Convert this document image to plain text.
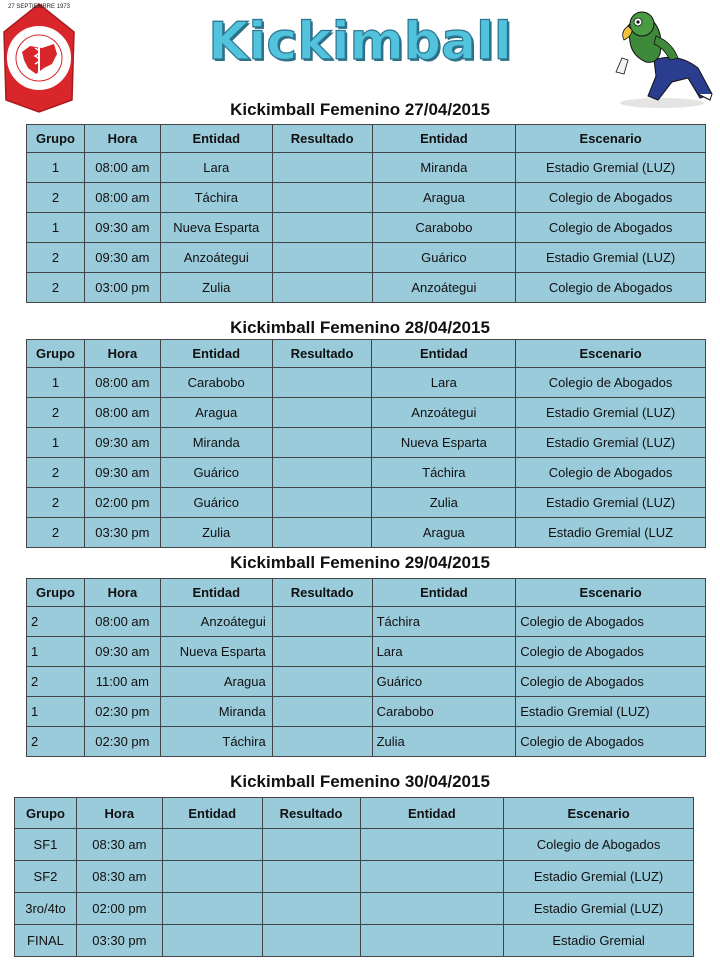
27 SEPTIEMBRE 1973
Kickimball
Kickimball Femenino 27/04/2015
Grupo	Hora	Entidad	Resultado	Entidad	Escenario
1	08:00 am	Lara		Miranda	Estadio Gremial (LUZ)
2	08:00 am	Táchira		Aragua	Colegio de Abogados
1	09:30 am	Nueva Esparta		Carabobo	Colegio de Abogados
2	09:30 am	Anzoátegui		Guárico	Estadio Gremial (LUZ)
2	03:00 pm	Zulia		Anzoátegui	Colegio de Abogados
Kickimball Femenino 28/04/2015
Grupo	Hora	Entidad	Resultado	Entidad	Escenario
1	08:00 am	Carabobo		Lara	Colegio de Abogados
2	08:00 am	Aragua		Anzoátegui	Estadio Gremial (LUZ)
1	09:30 am	Miranda		Nueva Esparta	Estadio Gremial (LUZ)
2	09:30 am	Guárico		Táchira	Colegio de Abogados
2	02:00 pm	Guárico		Zulia	Estadio Gremial (LUZ)
2	03:30 pm	Zulia		Aragua	Estadio Gremial (LUZ
Kickimball Femenino 29/04/2015
Grupo	Hora	Entidad	Resultado	Entidad	Escenario
2	08:00 am	Anzoátegui		Táchira	Colegio de Abogados
1	09:30 am	Nueva Esparta		Lara	Colegio de Abogados
2	11:00 am	Aragua		Guárico	Colegio de Abogados
1	02:30 pm	Miranda		Carabobo	Estadio Gremial (LUZ)
2	02:30 pm	Táchira		Zulia	Colegio de Abogados
Kickimball Femenino 30/04/2015
Grupo	Hora	Entidad	Resultado	Entidad	Escenario
SF1	08:30 am				Colegio de Abogados
SF2	08:30 am				Estadio Gremial (LUZ)
3ro/4to	02:00 pm				Estadio Gremial (LUZ)
FINAL	03:30 pm				Estadio Gremial
